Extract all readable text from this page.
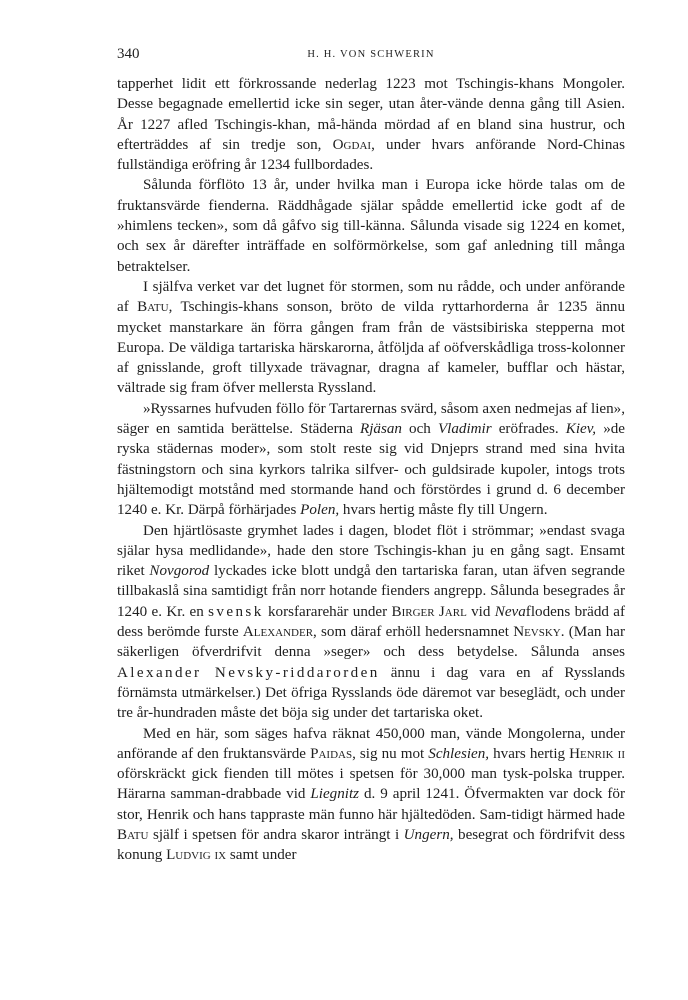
340	H. H. VON SCHWERIN

tapperhet lidit ett förkrossande nederlag 1223 mot Tschingis-khans Mongoler. Desse begagnade emellertid icke sin seger, utan åter-vände denna gång till Asien. År 1227 afled Tschingis-khan, må-hända mördad af en bland sina hustrur, och efterträddes af sin tredje son, Ogdai, under hvars anförande Nord-Chinas fullständiga eröfring år 1234 fullbordades.

Sålunda förflöto 13 år, under hvilka man i Europa icke hörde talas om de fruktansvärde fienderna. Räddhågade själar spådde emellertid icke godt af de »himlens tecken», som då gåfvo sig till-känna. Sålunda visade sig 1224 en komet, och sex år därefter inträffade en solförmörkelse, som gaf anledning till många betraktelser.

I själfva verket var det lugnet för stormen, som nu rådde, och under anförande af Batu, Tschingis-khans sonson, bröto de vilda ryttarhorderna år 1235 ännu mycket manstarkare än förra gången fram från de västsibiriska stepperna mot Europa. De väldiga tartariska härskarorna, åtföljda af oöfverskådliga tross-kolonner af gnisslande, groft tillyxade trävagnar, dragna af kameler, bufflar och hästar, vältrade sig fram öfver mellersta Ryssland.

»Ryssarnes hufvuden föllo för Tartarernas svärd, såsom axen nedmejas af lien», säger en samtida berättelse. Städerna Rjäsan och Vladimir eröfrades. Kiev, »de ryska städernas moder», som stolt reste sig vid Dnjeprs strand med sina hvita fästningstorn och sina kyrkors talrika silfver- och guldsirade kupoler, intogs trots hjältemodigt motstånd med stormande hand och förstördes i grund d. 6 december 1240 e. Kr. Därpå förhärjades Polen, hvars hertig måste fly till Ungern.

Den hjärtlösaste grymhet lades i dagen, blodet flöt i strömmar; »endast svaga själar hysa medlidande», hade den store Tschingis-khan ju en gång sagt. Ensamt riket Novgorod lyckades icke blott undgå den tartariska faran, utan äfven segrande tillbakaslå sina samtidigt från norr hotande fienders angrepp. Sålunda besegrades år 1240 e. Kr. en svensk korsfararehär under Birger Jarl vid Nevaflodens brädd af dess berömde furste Alexander, som däraf erhöll hedersnamnet Nevsky. (Man har säkerligen öfverdrifvit denna »seger» och dess betydelse. Sålunda anses Alexander Nevsky-riddarorden ännu i dag vara en af Rysslands förnämsta utmärkelser.) Det öfriga Rysslands öde däremot var beseglädt, och under tre år-hundraden måste det böja sig under det tartariska oket.

Med en här, som säges hafva räknat 450,000 man, vände Mongolerna, under anförande af den fruktansvärde Paidas, sig nu mot Schlesien, hvars hertig Henrik ii oförskräckt gick fienden till mötes i spetsen för 30,000 man tysk-polska trupper. Härarna samman-drabbade vid Liegnitz d. 9 april 1241. Öfvermakten var dock för stor, Henrik och hans tappraste män funno här hjältedöden. Sam-tidigt härmed hade Batu själf i spetsen för andra skaror inträngt i Ungern, besegrat och fördrifvit dess konung Ludvig ix samt under
